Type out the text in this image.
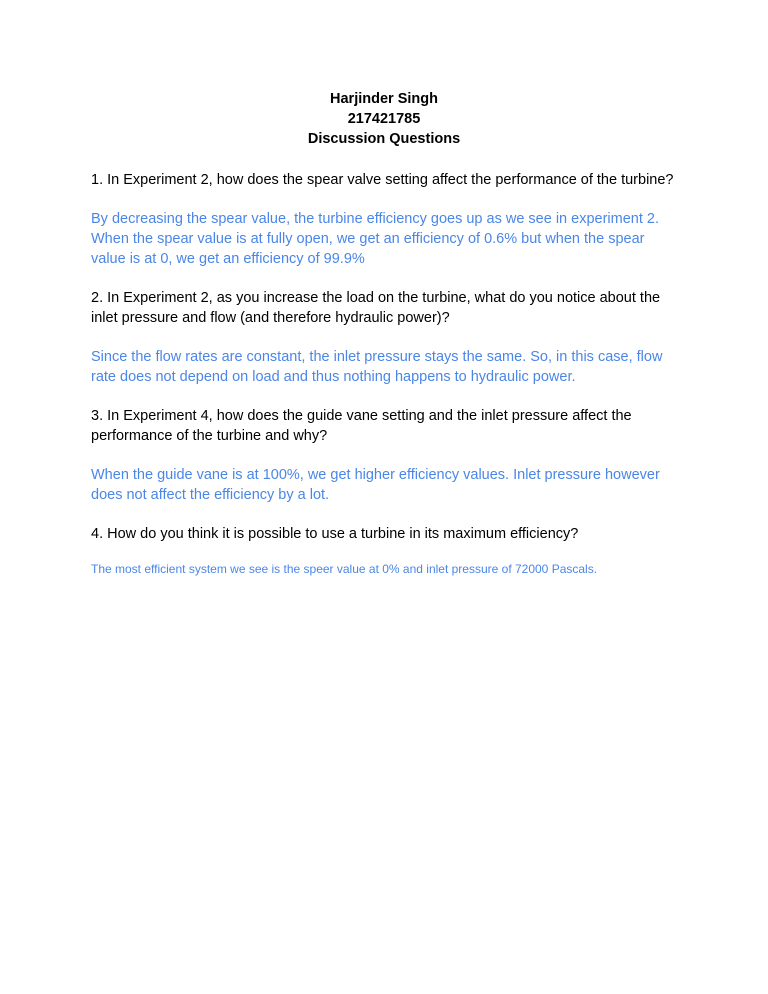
Harjinder Singh
217421785
Discussion Questions

1. In Experiment 2, how does the spear valve setting affect the performance of the turbine?

By decreasing the spear value, the turbine efficiency goes up as we see in experiment 2. When the spear value is at fully open, we get an efficiency of 0.6% but when the spear value is at 0, we get an efficiency of 99.9%

2. In Experiment 2, as you increase the load on the turbine, what do you notice about the inlet pressure and flow (and therefore hydraulic power)?

Since the flow rates are constant, the inlet pressure stays the same. So, in this case, flow rate does not depend on load and thus nothing happens to hydraulic power.

3. In Experiment 4, how does the guide vane setting and the inlet pressure affect the performance of the turbine and why?

When the guide vane is at 100%, we get higher efficiency values. Inlet pressure however does not affect the efficiency by a lot.

4. How do you think it is possible to use a turbine in its maximum efficiency?

The most efficient system we see is the speer value at 0% and inlet pressure of 72000 Pascals.
